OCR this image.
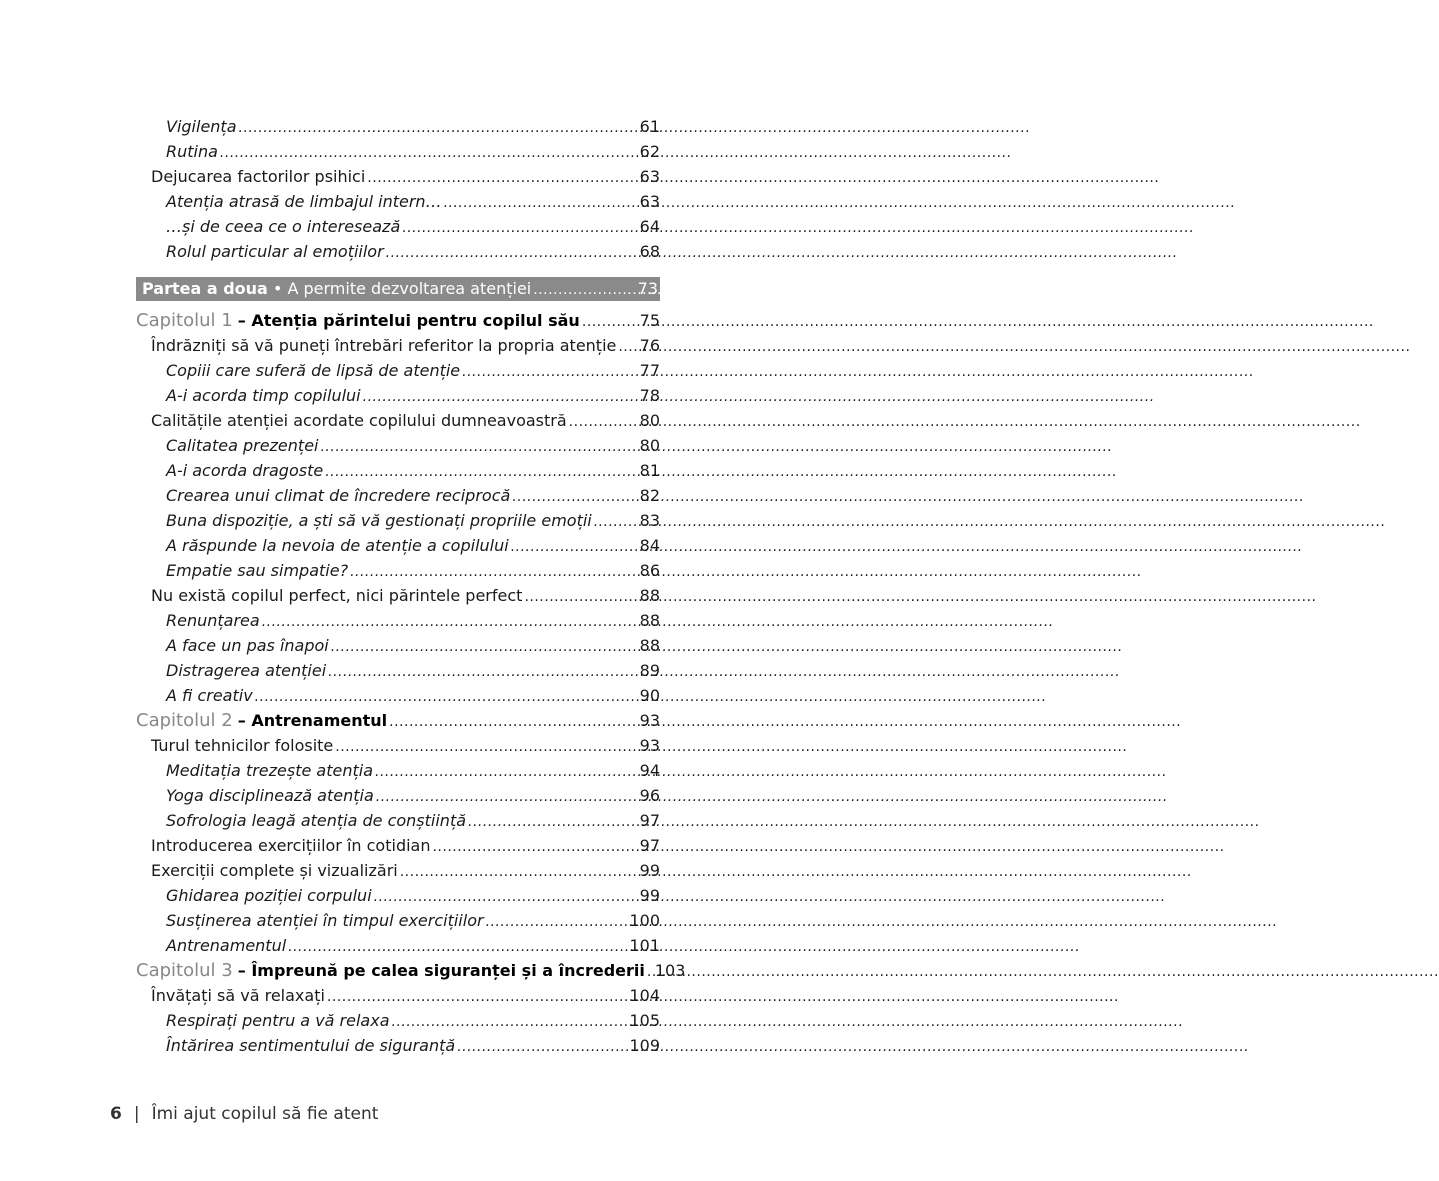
Vigilența .....	61
Rutina .....	62
Dejucarea factorilor psihici .....	63
Atenția atrasă de limbajul intern… .....	63
…și de ceea ce o interesează .....	64
Rolul particular al emoțiilor .....	68
Partea a doua • A permite dezvoltarea atenției .....	73
Capitolul 1 – Atenția părintelui pentru copilul său .....	75
Îndrăzniți să vă puneți întrebări referitor la propria atenție ..... 76
Copiii care suferă de lipsă de atenție .....	77
A-i acorda timp copilului .....	78
Calitățile atenției acordate copilului dumneavoastră .....	80
Calitatea prezenței .....	80
A-i acorda dragoste .....	81
Crearea unui climat de încredere reciprocă .....	82
Buna dispoziție, a ști să vă gestionați propriile emoții .....	83
A răspunde la nevoia de atenție a copilului .....	84
Empatie sau simpatie? .....	86
Nu există copilul perfect, nici părintele perfect .....	88
Renunțarea .....	88
A face un pas înapoi .....	88
Distragerea atenției .....	89
A fi creativ .....	90
Capitolul 2 – Antrenamentul .....	93
Turul tehnicilor folosite .....	93
Meditația trezește atenția .....	94
Yoga disciplinează atenția .....	96
Sofrologia leagă atenția de conștiință .....	97
Introducerea exercițiilor în cotidian .....	97
Exerciții complete și vizualizări .....	99
Ghidarea poziției corpului .....	99
Susținerea atenției în timpul exercițiilor .....	100
Antrenamentul .....	101
Capitolul 3 – Împreună pe calea siguranței și a încrederii ..... 103
Învățați să vă relaxați .....	104
Respirați pentru a vă relaxa .....	105
Întărirea sentimentului de siguranță .....	109
6 | Îmi ajut copilul să fie atent
